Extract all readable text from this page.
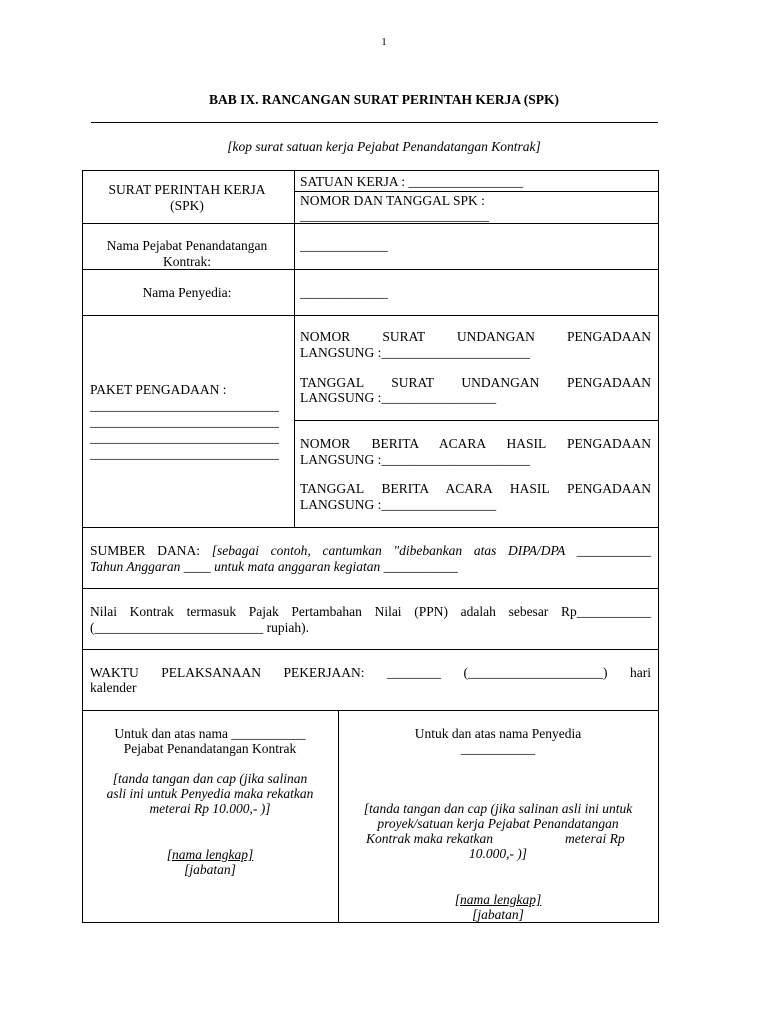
1
BAB IX. RANCANGAN SURAT PERINTAH KERJA (SPK)
[kop surat satuan kerja Pejabat Penandatangan Kontrak]
SURAT PERINTAH KERJA (SPK)
SATUAN KERJA : _________________
NOMOR DAN TANGGAL SPK :
____________________________
Nama Pejabat Penandatangan Kontrak:
_____________
Nama Penyedia:	_____________
PAKET PENGADAAN :
____________________________
____________________________
____________________________
____________________________
NOMOR SURAT UNDANGAN PENGADAAN
LANGSUNG :______________________
TANGGAL SURAT UNDANGAN PENGADAAN
LANGSUNG :_________________
NOMOR BERITA ACARA HASIL PENGADAAN
LANGSUNG :______________________
TANGGAL BERITA ACARA HASIL PENGADAAN
LANGSUNG :_________________
SUMBER DANA: [sebagai contoh, cantumkan "dibebankan atas DIPA/DPA ___________
Tahun Anggaran ____ untuk mata anggaran kegiatan ___________
Nilai Kontrak termasuk Pajak Pertambahan Nilai (PPN) adalah sebesar Rp___________
(_________________________ rupiah).
WAKTU PELAKSANAAN PEKERJAAN: ________ (____________________) hari
kalender
Untuk dan atas nama ___________
Pejabat Penandatangan Kontrak
[tanda tangan dan cap (jika salinan
asli ini untuk Penyedia maka rekatkan
meterai Rp 10.000,- )]
[nama lengkap]
[jabatan]
Untuk dan atas nama Penyedia
___________
[tanda tangan dan cap (jika salinan asli ini untuk
proyek/satuan kerja Pejabat Penandatangan
Kontrak maka rekatkan	meterai Rp
10.000,- )]
[nama lengkap]
[jabatan]
